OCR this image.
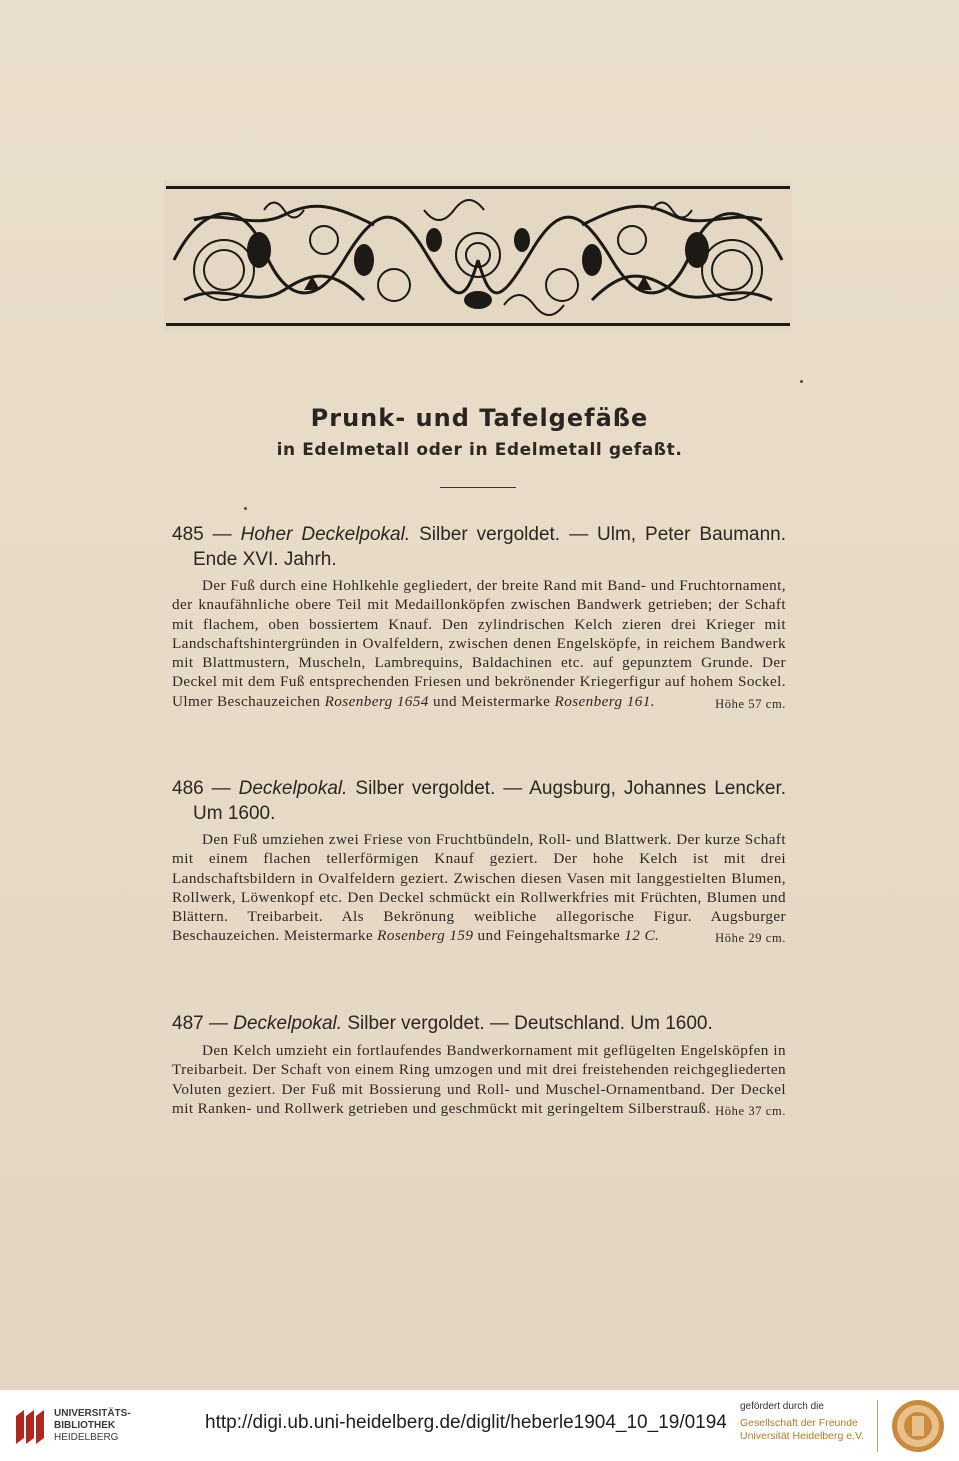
Prunk- und Tafelgefäße
in Edelmetall oder in Edelmetall gefaßt.
485 — Hoher Deckelpokal. Silber vergoldet. — Ulm, Peter Baumann.
Ende XVI. Jahrh.
Der Fuß durch eine Hohlkehle gegliedert, der breite Rand mit Band- und Fruchtornament, der knaufähnliche obere Teil mit Medaillonköpfen zwischen Bandwerk getrieben; der Schaft mit flachem, oben bossiertem Knauf. Den zylindrischen Kelch zieren drei Krieger mit Landschaftshintergründen in Ovalfeldern, zwischen denen Engelsköpfe, in reichem Bandwerk mit Blattmustern, Muscheln, Lambrequins, Baldachinen etc. auf gepunztem Grunde. Der Deckel mit dem Fuß entsprechenden Friesen und bekrönender Kriegerfigur auf hohem Sockel. Ulmer Beschauzeichen Rosenberg 1654 und Meistermarke Rosenberg 161.	Höhe 57 cm.
486 — Deckelpokal. Silber vergoldet. — Augsburg, Johannes Lencker.
Um 1600.
Den Fuß umziehen zwei Friese von Fruchtbündeln, Roll- und Blattwerk. Der kurze Schaft mit einem flachen tellerförmigen Knauf geziert. Der hohe Kelch ist mit drei Landschaftsbildern in Ovalfeldern geziert. Zwischen diesen Vasen mit langgestielten Blumen, Rollwerk, Löwenkopf etc. Den Deckel schmückt ein Rollwerkfries mit Früchten, Blumen und Blättern. Treibarbeit. Als Bekrönung weibliche allegorische Figur. Augsburger Beschauzeichen. Meistermarke Rosenberg 159 und Feingehaltsmarke 12 C.	Höhe 29 cm.
487 — Deckelpokal. Silber vergoldet. — Deutschland. Um 1600.
Den Kelch umzieht ein fortlaufendes Bandwerkornament mit geflügelten Engelsköpfen in Treibarbeit. Der Schaft von einem Ring umzogen und mit drei freistehenden reichgegliederten Voluten geziert. Der Fuß mit Bossierung und Roll- und Muschel-Ornamentband. Der Deckel mit Ranken- und Rollwerk getrieben und geschmückt mit geringeltem Silberstrauß. Höhe 37 cm.
UNIVERSITÄTS-
BIBLIOTHEK
HEIDELBERG
http://digi.ub.uni-heidelberg.de/diglit/heberle1904_10_19/0194
gefördert durch die
Gesellschaft der Freunde
Universität Heidelberg e.V.
